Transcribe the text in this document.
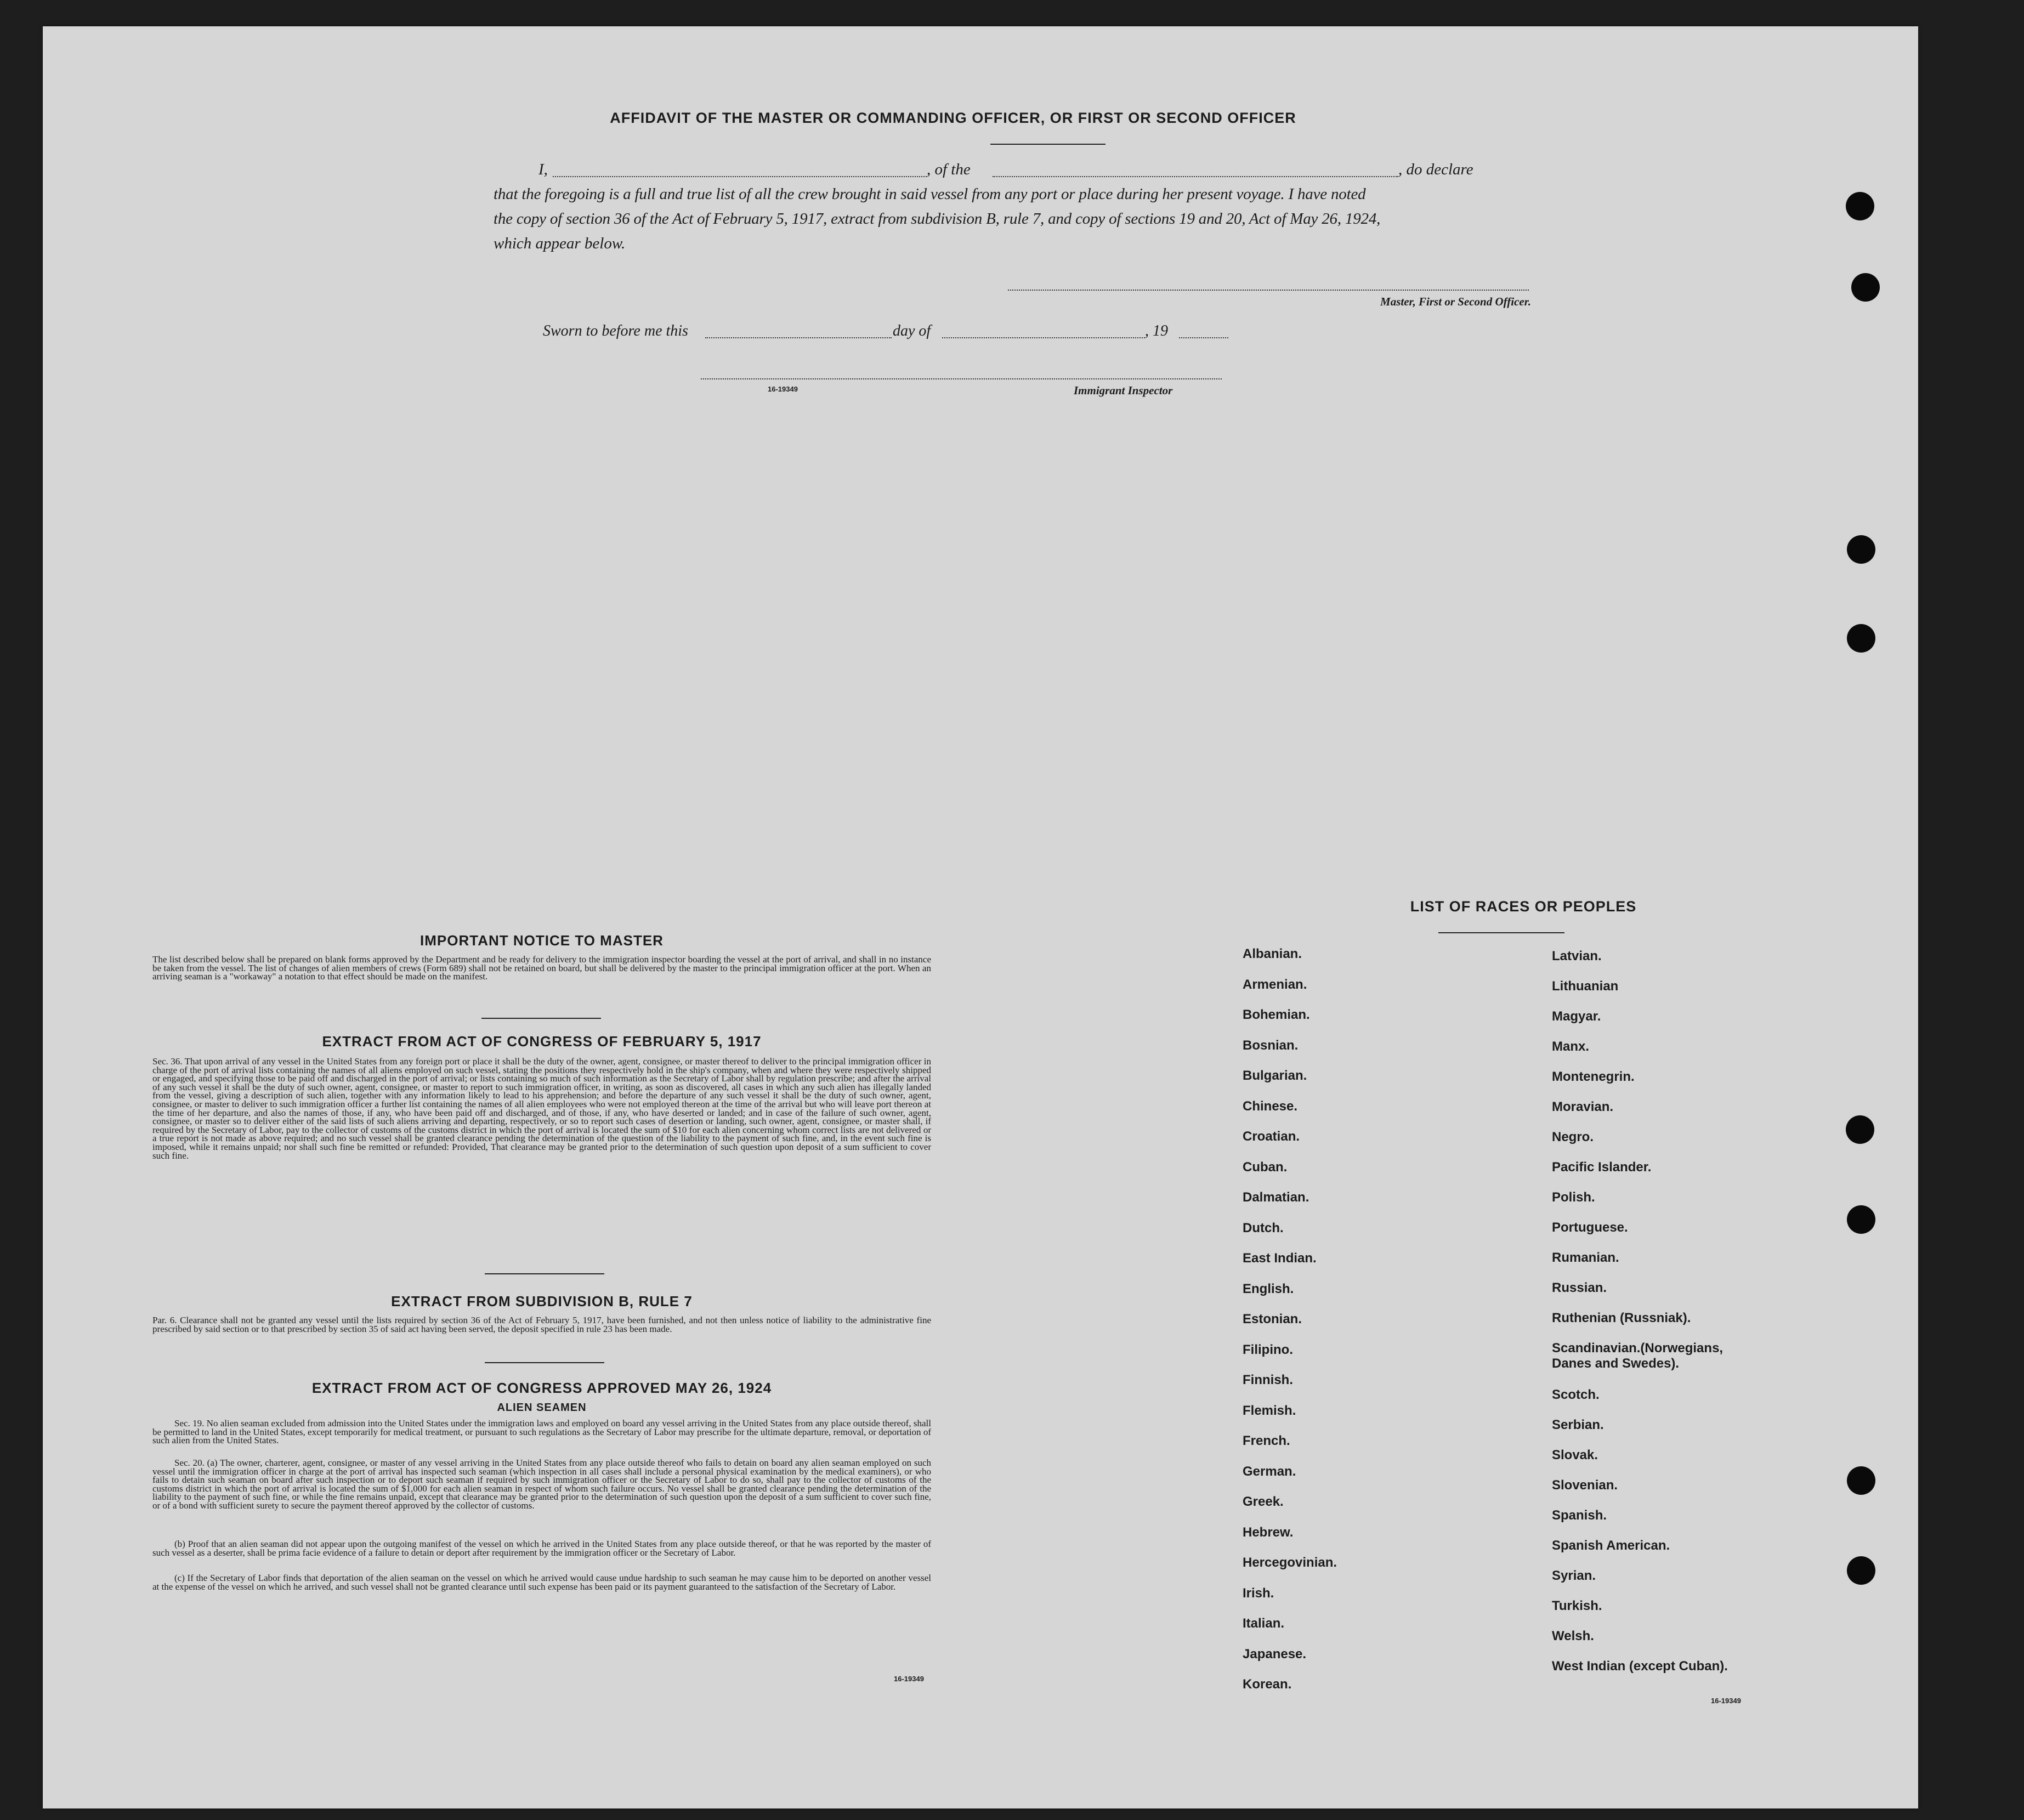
AFFIDAVIT OF THE MASTER OR COMMANDING OFFICER, OR FIRST OR SECOND OFFICER
I,	, of the	, do declare
that the foregoing is a full and true list of all the crew brought in said vessel from any port or place during her present voyage. I have noted
the copy of section 36 of the Act of February 5, 1917, extract from subdivision B, rule 7, and copy of sections 19 and 20, Act of May 26, 1924,
which appear below.
Master, First or Second Officer.
Sworn to before me this	day of	, 19
16-19349	Immigrant Inspector
IMPORTANT NOTICE TO MASTER
The list described below shall be prepared on blank forms approved by the Department and be ready for delivery to the immigration inspector boarding the vessel at the port of arrival, and shall in no instance be taken from the vessel. The list of changes of alien members of crews (Form 689) shall not be retained on board, but shall be delivered by the master to the principal immigration officer at the port. When an arriving seaman is a "workaway" a notation to that effect should be made on the manifest.
EXTRACT FROM ACT OF CONGRESS OF FEBRUARY 5, 1917
Sec. 36. That upon arrival of any vessel in the United States from any foreign port or place it shall be the duty of the owner, agent, consignee, or master thereof to deliver to the principal immigration officer in charge of the port of arrival lists containing the names of all aliens employed on such vessel, stating the positions they respectively hold in the ship's company, when and where they were respectively shipped or engaged, and specifying those to be paid off and discharged in the port of arrival; or lists containing so much of such information as the Secretary of Labor shall by regulation prescribe; and after the arrival of any such vessel it shall be the duty of such owner, agent, consignee, or master to report to such immigration officer, in writing, as soon as discovered, all cases in which any such alien has illegally landed from the vessel, giving a description of such alien, together with any information likely to lead to his apprehension; and before the departure of any such vessel it shall be the duty of such owner, agent, consignee, or master to deliver to such immigration officer a further list containing the names of all alien employees who were not employed thereon at the time of the arrival but who will leave port thereon at the time of her departure, and also the names of those, if any, who have been paid off and discharged, and of those, if any, who have deserted or landed; and in case of the failure of such owner, agent, consignee, or master so to deliver either of the said lists of such aliens arriving and departing, respectively, or so to report such cases of desertion or landing, such owner, agent, consignee, or master shall, if required by the Secretary of Labor, pay to the collector of customs of the customs district in which the port of arrival is located the sum of $10 for each alien concerning whom correct lists are not delivered or a true report is not made as above required; and no such vessel shall be granted clearance pending the determination of the question of the liability to the payment of such fine, and, in the event such fine is imposed, while it remains unpaid; nor shall such fine be remitted or refunded: Provided, That clearance may be granted prior to the determination of such question upon deposit of a sum sufficient to cover such fine.
EXTRACT FROM SUBDIVISION B, RULE 7
Par. 6. Clearance shall not be granted any vessel until the lists required by section 36 of the Act of February 5, 1917, have been furnished, and not then unless notice of liability to the administrative fine prescribed by said section or to that prescribed by section 35 of said act having been served, the deposit specified in rule 23 has been made.
EXTRACT FROM ACT OF CONGRESS APPROVED MAY 26, 1924
ALIEN SEAMEN
Sec. 19. No alien seaman excluded from admission into the United States under the immigration laws and employed on board any vessel arriving in the United States from any place outside thereof, shall be permitted to land in the United States, except temporarily for medical treatment, or pursuant to such regulations as the Secretary of Labor may prescribe for the ultimate departure, removal, or deportation of such alien from the United States.
Sec. 20. (a) The owner, charterer, agent, consignee, or master of any vessel arriving in the United States from any place outside thereof who fails to detain on board any alien seaman employed on such vessel until the immigration officer in charge at the port of arrival has inspected such seaman (which inspection in all cases shall include a personal physical examination by the medical examiners), or who fails to detain such seaman on board after such inspection or to deport such seaman if required by such immigration officer or the Secretary of Labor to do so, shall pay to the collector of customs of the customs district in which the port of arrival is located the sum of $1,000 for each alien seaman in respect of whom such failure occurs. No vessel shall be granted clearance pending the determination of the liability to the payment of such fine, or while the fine remains unpaid, except that clearance may be granted prior to the determination of such question upon the deposit of a sum sufficient to cover such fine, or of a bond with sufficient surety to secure the payment thereof approved by the collector of customs.
(b) Proof that an alien seaman did not appear upon the outgoing manifest of the vessel on which he arrived in the United States from any place outside thereof, or that he was reported by the master of such vessel as a deserter, shall be prima facie evidence of a failure to detain or deport after requirement by the immigration officer or the Secretary of Labor.
(c) If the Secretary of Labor finds that deportation of the alien seaman on the vessel on which he arrived would cause undue hardship to such seaman he may cause him to be deported on another vessel at the expense of the vessel on which he arrived, and such vessel shall not be granted clearance until such expense has been paid or its payment guaranteed to the satisfaction of the Secretary of Labor.
16-19349
LIST OF RACES OR PEOPLES
16-19349
Albanian.
Armenian.
Bohemian.
Bosnian.
Bulgarian.
Chinese.
Croatian.
Cuban.
Dalmatian.
Dutch.
East Indian.
English.
Estonian.
Filipino.
Finnish.
Flemish.
French.
German.
Greek.
Hebrew.
Hercegovinian.
Irish.
Italian.
Japanese.
Korean.
Latvian.
Lithuanian
Magyar.
Manx.
Montenegrin.
Moravian.
Negro.
Pacific Islander.
Polish.
Portuguese.
Rumanian.
Russian.
Ruthenian (Russniak).
Scandinavian.(Norwegians,
Danes and Swedes).
Scotch.
Serbian.
Slovak.
Slovenian.
Spanish.
Spanish American.
Syrian.
Turkish.
Welsh.
West Indian (except Cuban).
